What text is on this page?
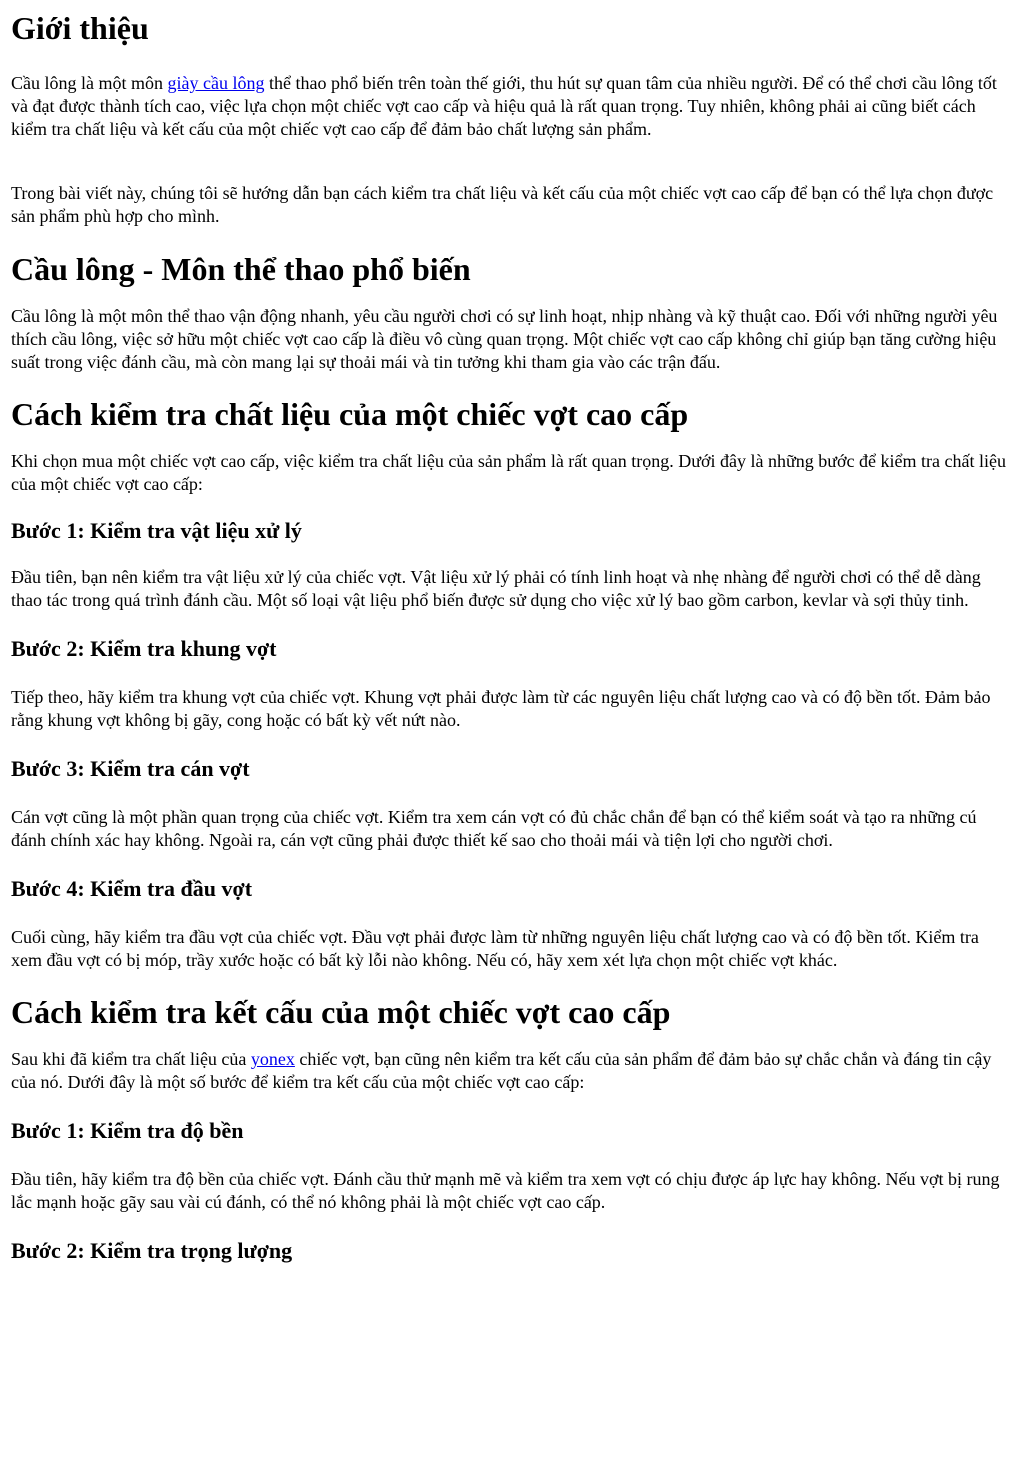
Giới thiệu

Cầu lông là một môn giày cầu lông thể thao phổ biến trên toàn thế giới, thu hút sự quan tâm của nhiều người. Để có thể chơi cầu lông tốt và đạt được thành tích cao, việc lựa chọn một chiếc vợt cao cấp và hiệu quả là rất quan trọng. Tuy nhiên, không phải ai cũng biết cách kiểm tra chất liệu và kết cấu của một chiếc vợt cao cấp để đảm bảo chất lượng sản phẩm.

Trong bài viết này, chúng tôi sẽ hướng dẫn bạn cách kiểm tra chất liệu và kết cấu của một chiếc vợt cao cấp để bạn có thể lựa chọn được sản phẩm phù hợp cho mình.

Cầu lông - Môn thể thao phổ biến

Cầu lông là một môn thể thao vận động nhanh, yêu cầu người chơi có sự linh hoạt, nhịp nhàng và kỹ thuật cao. Đối với những người yêu thích cầu lông, việc sở hữu một chiếc vợt cao cấp là điều vô cùng quan trọng. Một chiếc vợt cao cấp không chỉ giúp bạn tăng cường hiệu suất trong việc đánh cầu, mà còn mang lại sự thoải mái và tin tưởng khi tham gia vào các trận đấu.

Cách kiểm tra chất liệu của một chiếc vợt cao cấp

Khi chọn mua một chiếc vợt cao cấp, việc kiểm tra chất liệu của sản phẩm là rất quan trọng. Dưới đây là những bước để kiểm tra chất liệu của một chiếc vợt cao cấp:

Bước 1: Kiểm tra vật liệu xử lý

Đầu tiên, bạn nên kiểm tra vật liệu xử lý của chiếc vợt. Vật liệu xử lý phải có tính linh hoạt và nhẹ nhàng để người chơi có thể dễ dàng thao tác trong quá trình đánh cầu. Một số loại vật liệu phổ biến được sử dụng cho việc xử lý bao gồm carbon, kevlar và sợi thủy tinh.

Bước 2: Kiểm tra khung vợt

Tiếp theo, hãy kiểm tra khung vợt của chiếc vợt. Khung vợt phải được làm từ các nguyên liệu chất lượng cao và có độ bền tốt. Đảm bảo rằng khung vợt không bị gãy, cong hoặc có bất kỳ vết nứt nào.

Bước 3: Kiểm tra cán vợt

Cán vợt cũng là một phần quan trọng của chiếc vợt. Kiểm tra xem cán vợt có đủ chắc chắn để bạn có thể kiểm soát và tạo ra những cú đánh chính xác hay không. Ngoài ra, cán vợt cũng phải được thiết kế sao cho thoải mái và tiện lợi cho người chơi.

Bước 4: Kiểm tra đầu vợt

Cuối cùng, hãy kiểm tra đầu vợt của chiếc vợt. Đầu vợt phải được làm từ những nguyên liệu chất lượng cao và có độ bền tốt. Kiểm tra xem đầu vợt có bị móp, trầy xước hoặc có bất kỳ lỗi nào không. Nếu có, hãy xem xét lựa chọn một chiếc vợt khác.

Cách kiểm tra kết cấu của một chiếc vợt cao cấp

Sau khi đã kiểm tra chất liệu của yonex chiếc vợt, bạn cũng nên kiểm tra kết cấu của sản phẩm để đảm bảo sự chắc chắn và đáng tin cậy của nó. Dưới đây là một số bước để kiểm tra kết cấu của một chiếc vợt cao cấp:

Bước 1: Kiểm tra độ bền

Đầu tiên, hãy kiểm tra độ bền của chiếc vợt. Đánh cầu thử mạnh mẽ và kiểm tra xem vợt có chịu được áp lực hay không. Nếu vợt bị rung lắc mạnh hoặc gãy sau vài cú đánh, có thể nó không phải là một chiếc vợt cao cấp.

Bước 2: Kiểm tra trọng lượng
